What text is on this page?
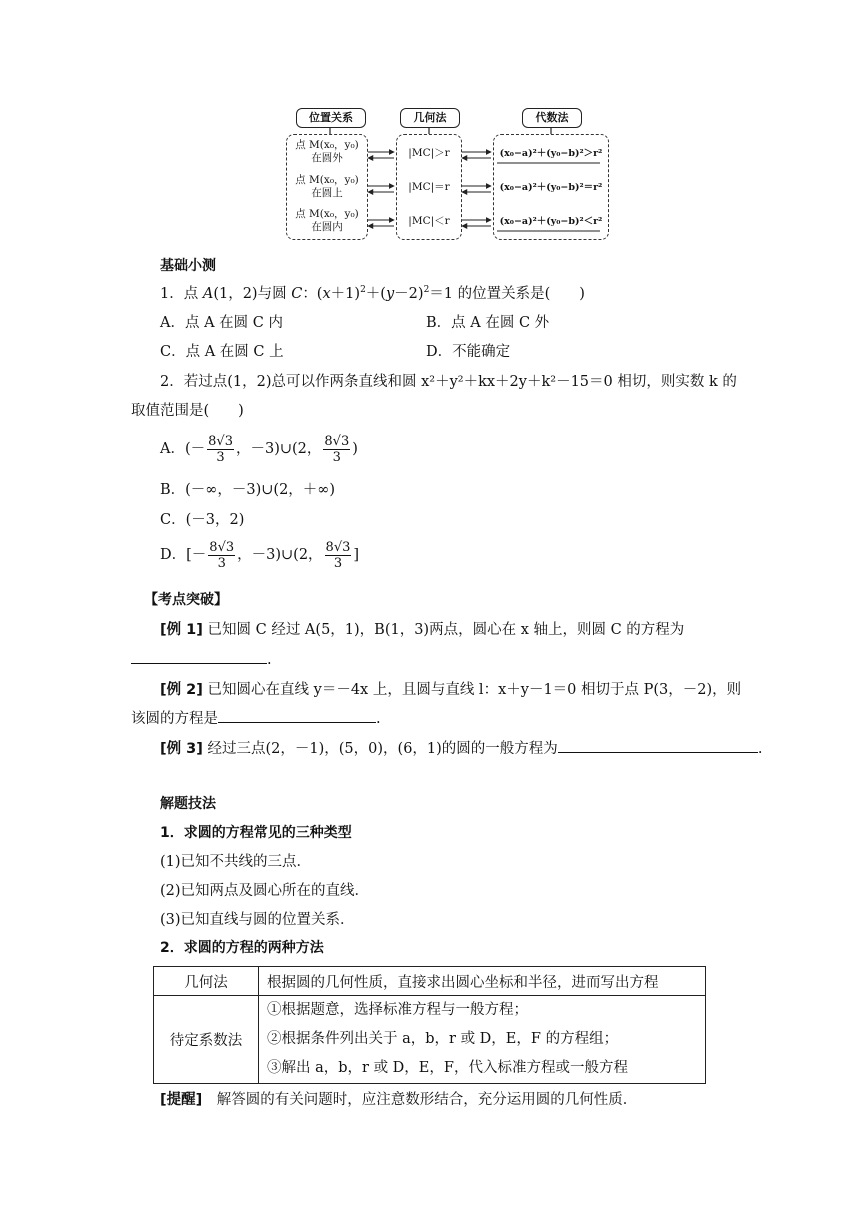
位置关系	几何法	代数法
点 M(x₀，y₀)
在圆外	|MC|＞r	(x₀−a)²＋(y₀−b)²＞r²
点 M(x₀，y₀)
在圆上	|MC|＝r	(x₀−a)²＋(y₀−b)²＝r²
点 M(x₀，y₀)
在圆内	|MC|＜r	(x₀−a)²＋(y₀−b)²＜r²
基础小测
1．点 A(1，2)与圆 C：$(x+1)^2+(y-2)^2=1$ 的位置关系是(　　)
A．点 A 在圆 C 内	B．点 A 在圆 C 外
C．点 A 在圆 C 上	D．不能确定
2．若过点(1，2)总可以作两条直线和圆 x²＋y²＋kx＋2y＋k²－15＝0 相切，则实数 k 的
取值范围是(　　)
A．(－ $\frac{8√3}{3}$ ，－3)∪(2， $\frac{8√3}{3}$ )
B．(－∞，－3)∪(2，＋∞)
C．(－3，2)
D．[－ $\frac{8√3}{3}$ ，－3)∪(2， $\frac{8√3}{3}$ ]
【考点突破】
[例 1] 已知圆 C 经过 A(5，1)，B(1，3)两点，圆心在 x 轴上，则圆 C 的方程为
.
[例 2] 已知圆心在直线 y＝－4x 上，且圆与直线 l：x＋y－1＝0 相切于点 P(3，－2)，则
该圆的方程是	.
[例 3] 经过三点(2，－1)，(5，0)，(6，1)的圆的一般方程为	.
解题技法
1．求圆的方程常见的三种类型
(1)已知不共线的三点．
(2)已知两点及圆心所在的直线．
(3)已知直线与圆的位置关系．
2．求圆的方程的两种方法
几何法	根据圆的几何性质，直接求出圆心坐标和半径，进而写出方程
待定系数法	①根据题意，选择标准方程与一般方程；
②根据条件列出关于 a，b，r 或 D，E，F 的方程组；
③解出 a，b，r 或 D，E，F，代入标准方程或一般方程
[提醒]　 解答圆的有关问题时，应注意数形结合，充分运用圆的几何性质．
